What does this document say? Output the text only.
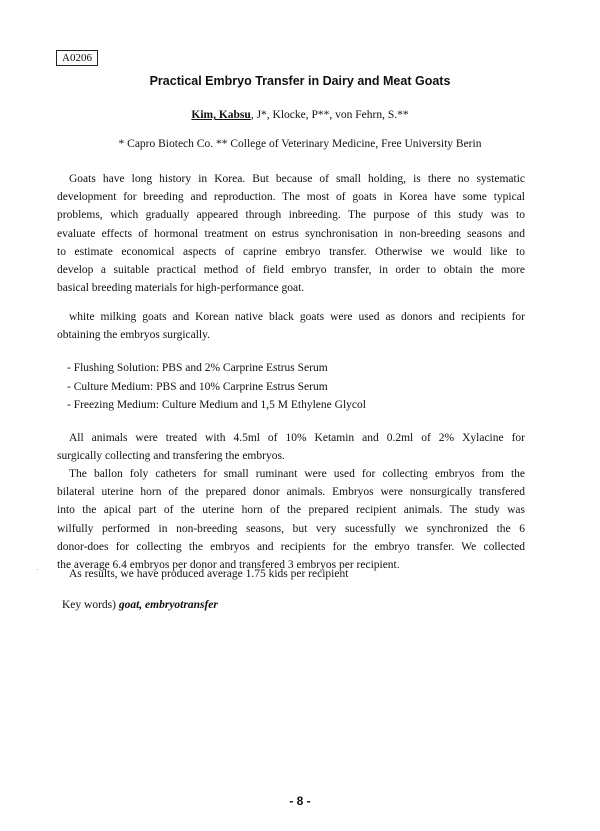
A0206
Practical Embryo Transfer in Dairy and Meat Goats
Kim, Kabsu, J*, Klocke, P**, von Fehrn, S.**
* Capro Biotech Co. ** College of Veterinary Medicine, Free University Berin
Goats have long history in Korea. But because of small holding, is there no systematic
development for breeding and reproduction. The most of goats in Korea have some typical
problems, which gradually appeared through inbreeding. The purpose of this study was to
evaluate effects of hormonal treatment on estrus synchronisation in non-breeding seasons and
to estimate economical aspects of caprine embryo transfer. Otherwise we would like to
develop a suitable practical method of field embryo transfer, in order to obtain the more
basical breeding materials for high-performance goat.
white milking goats and Korean native black goats were used as donors and recipients for
obtaining the embryos surgically.
- Flushing Solution: PBS and 2% Carprine Estrus Serum
- Culture Medium: PBS and 10% Carprine Estrus Serum
- Freezing Medium: Culture Medium and 1,5 M Ethylene Glycol
All animals were treated with 4.5ml of 10% Ketamin and 0.2ml of 2% Xylacine for
surgically collecting and transfering the embryos.
The ballon foly catheters for small ruminant were used for collecting embryos from the
bilateral uterine horn of the prepared donor animals. Embryos were nonsurgically transfered
into the apical part of the uterine horn of the prepared recipient animals. The study was
wilfully performed in non-breeding seasons, but very sucessfully we synchronized the 6
donor-does for collecting the embryos and recipients for the embryo transfer. We collected
the average 6.4 embryos per donor and transfered 3 embryos per recipient.
As results, we have produced average 1.75 kids per recipient
Key words) goat, embryotransfer
- 8 -
